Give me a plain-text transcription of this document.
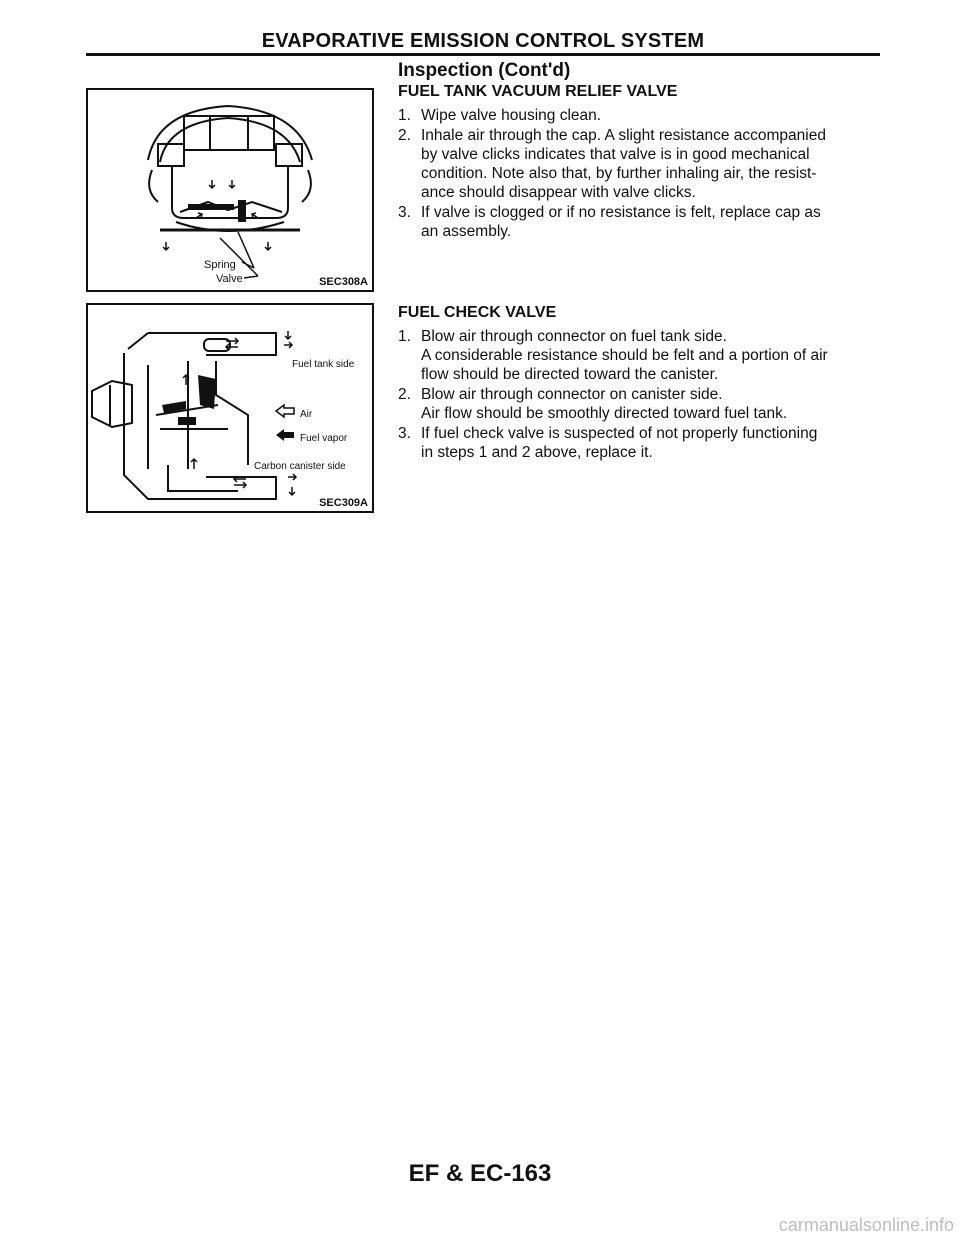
EVAPORATIVE EMISSION CONTROL SYSTEM
Spring
Valve	SEC308A
Fuel tank side
Air
Fuel vapor
Carbon canister side
SEC309A
Inspection (Cont'd)
FUEL TANK VACUUM RELIEF VALVE
1. Wipe valve housing clean.
2. Inhale air through the cap. A slight resistance accompanied
by valve clicks indicates that valve is in good mechanical
condition. Note also that, by further inhaling air, the resist-
ance should disappear with valve clicks.
3. If valve is clogged or if no resistance is felt, replace cap as
an assembly.
FUEL CHECK VALVE
1. Blow air through connector on fuel tank side.
A considerable resistance should be felt and a portion of air
flow should be directed toward the canister.
2. Blow air through connector on canister side.
Air flow should be smoothly directed toward fuel tank.
3. If fuel check valve is suspected of not properly functioning
in steps 1 and 2 above, replace it.
EF & EC-163
carmanualsonline.info
